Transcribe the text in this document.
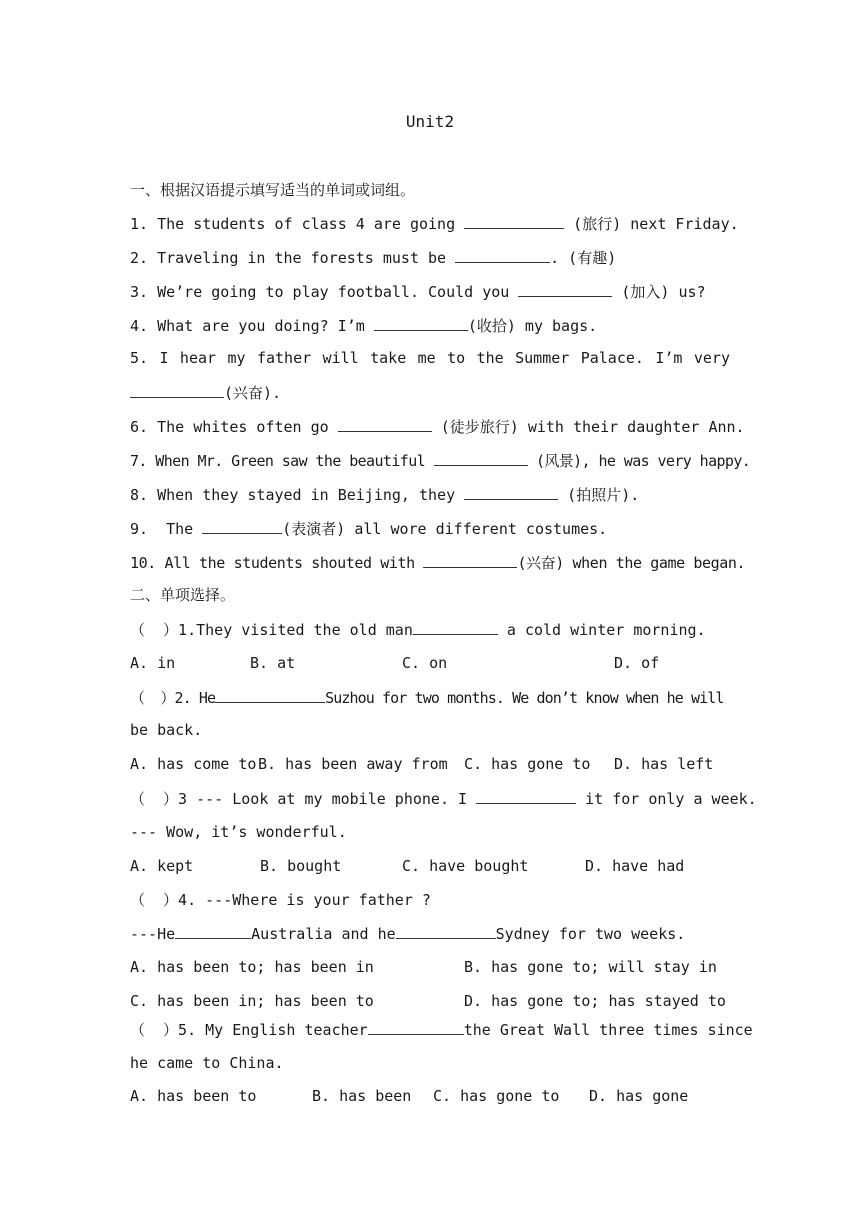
Unit2
一、根据汉语提示填写适当的单词或词组。
1. The students of class 4 are going	(旅行) next Friday.
2. Traveling in the forests must be	. (有趣)
3. We’re going to play football. Could you	(加入) us?
4. What are you doing? I’m	(收拾) my bags.
5. I hear my father will take me to the Summer Palace. I’m very
(兴奋).
6. The whites often go	(徒步旅行) with their daughter Ann.
7. When Mr. Green saw the beautiful	(风景), he was very happy.
8. When they stayed in Beijing, they	(拍照片).
9.  The	(表演者) all wore different costumes.
10. All the students shouted with	(兴奋) when the game began.
二、单项选择。
（  ）1.They visited the old man	a cold winter morning.

A. in

	B. at

	C. on

	D. of

（  ）2. He	Suzhou for two months. We don’t know when he will
be back.

A. has come to

B. has been away from

C. has gone to

D. has left

（  ）3 --- Look at my mobile phone. I	it for only a week.
--- Wow, it’s wonderful.

A. kept

	B. bought

	C. have bought

	D. have had

（  ）4. ---Where is your father ?
---He	Australia and he	Sydney for two weeks.

A. has been to; has been in

	B. has gone to; will stay in

C. has been in; has been to

	D. has gone to; has stayed to

（  ）5. My English teacher	the Great Wall three times since
he came to China.

A. has been to

	B. has been

C. has gone to

D. has gone
